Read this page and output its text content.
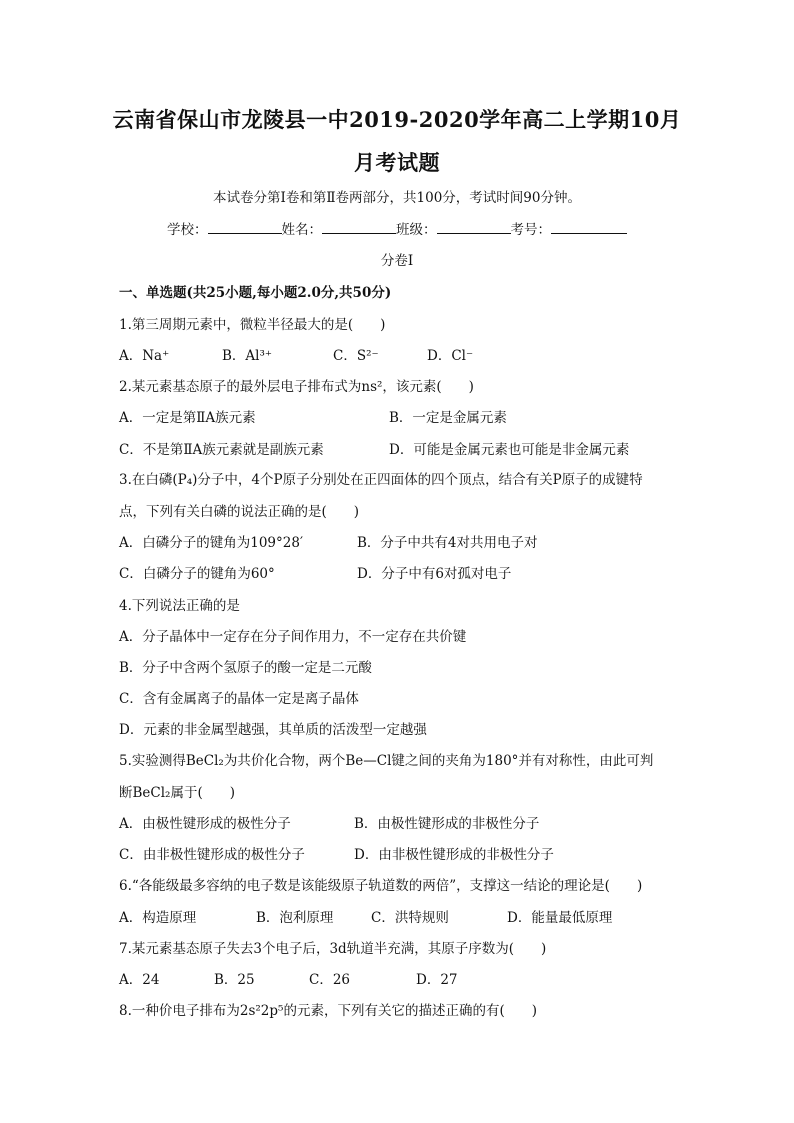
云南省保山市龙陵县一中2019-2020学年高二上学期10月
月考试题
本试卷分第Ⅰ卷和第Ⅱ卷两部分，共100分，考试时间90分钟。
学校：	姓名：	班级：	考号：
分卷I
一、单选题(共25小题,每小题2.0分,共50分)
1.第三周期元素中，微粒半径最大的是(　　)
A．Na⁺	B．Al³⁺	C．S²⁻	D．Cl⁻
2.某元素基态原子的最外层电子排布式为ns²，该元素(　　)
A．一定是第ⅡA族元素	B．一定是金属元素
C．不是第ⅡA族元素就是副族元素	D．可能是金属元素也可能是非金属元素
3.在白磷(P₄)分子中，4个P原子分别处在正四面体的四个顶点，结合有关P原子的成键特
点，下列有关白磷的说法正确的是(　　)
A．白磷分子的键角为109°28′	B．分子中共有4对共用电子对
C．白磷分子的键角为60°	D．分子中有6对孤对电子
4.下列说法正确的是
A．分子晶体中一定存在分子间作用力，不一定存在共价键
B．分子中含两个氢原子的酸一定是二元酸
C．含有金属离子的晶体一定是离子晶体
D．元素的非金属型越强，其单质的活泼型一定越强
5.实验测得BeCl₂为共价化合物，两个Be—Cl键之间的夹角为180°并有对称性，由此可判
断BeCl₂属于(　　)
A．由极性键形成的极性分子	B．由极性键形成的非极性分子
C．由非极性键形成的极性分子	D．由非极性键形成的非极性分子
6.“各能级最多容纳的电子数是该能级原子轨道数的两倍”，支撑这一结论的理论是(　　)
A．构造原理	B．泡利原理	C．洪特规则	D．能量最低原理
7.某元素基态原子失去3个电子后，3d轨道半充满，其原子序数为(　　)
A．24	B．25	C．26	D．27
8.一种价电子排布为2s²2p⁵的元素，下列有关它的描述正确的有(　　)
